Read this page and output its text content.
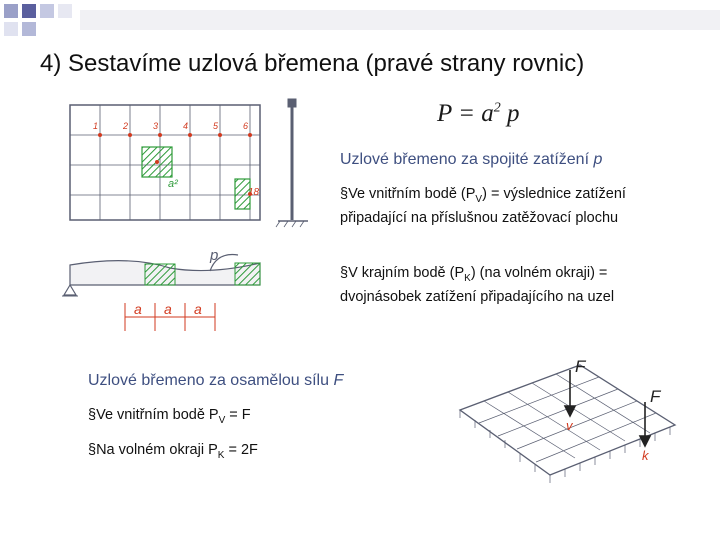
4) Sestavíme uzlová břemena (pravé strany rovnic)
$P = a^2$ p
Uzlové břemeno za spojité zatížení p
§Ve vnitřním bodě $(P_V)$ = výslednice zatížení připadající na příslušnou zatěžovací plochu
§V krajním bodě $(P_K)$ (na volném okraji) = dvojnásobek zatížení připadajícího na uzel
Uzlové břemeno za osamělou sílu F
§Ve vnitřním bodě $P_V = F$
§Na volném okraji $P_K = 2F$
1	2	3	4	5	6
18
a²
p
a a a
F
F
v
k
